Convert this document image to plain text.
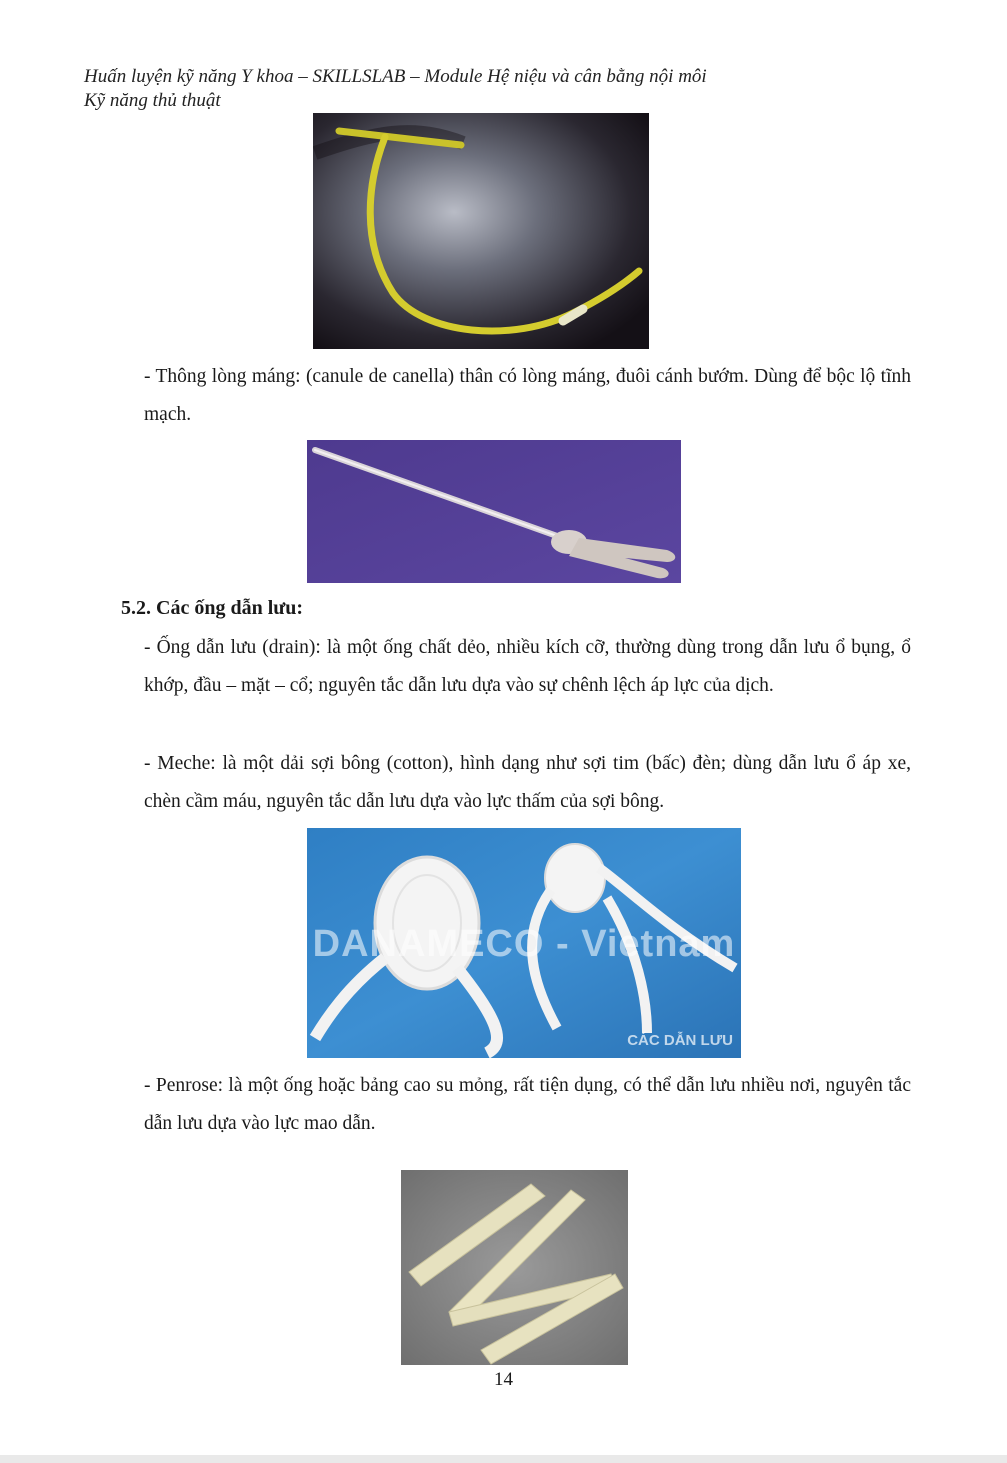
Huấn luyện kỹ năng Y khoa – SKILLSLAB – Module Hệ niệu và cân bằng nội môi
Kỹ năng thủ thuật

- Thông lòng máng: (canule de canella) thân có lòng máng, đuôi cánh bướm. Dùng để bộc lộ tĩnh mạch.

5.2. Các ống dẫn lưu:

- Ống dẫn lưu (drain): là một ống chất dẻo, nhiều kích cỡ, thường dùng trong dẫn lưu ổ bụng, ổ khớp, đầu – mặt – cổ; nguyên tắc dẫn lưu dựa vào sự chênh lệch áp lực của dịch.

- Meche: là một dải sợi bông (cotton), hình dạng như sợi tim (bấc) đèn; dùng dẫn lưu ổ áp xe, chèn cầm máu, nguyên tắc dẫn lưu dựa vào lực thấm của sợi bông.

DANAMECO - Vietnam
CÁC DẪN LƯU

- Penrose: là một ống hoặc bảng cao su mỏng, rất tiện dụng, có thể dẫn lưu nhiều nơi, nguyên tắc dẫn lưu dựa vào lực mao dẫn.

14
